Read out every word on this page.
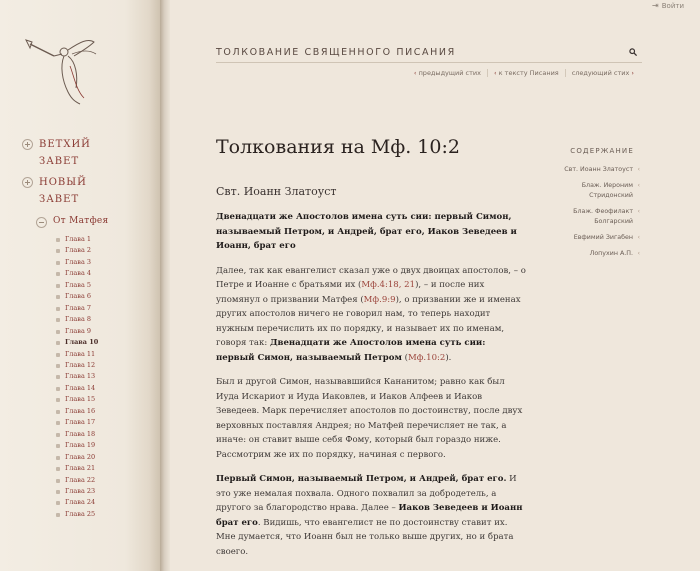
ВЕТХИЙ
ЗАВЕТ
НОВЫЙ
ЗАВЕТ
От Матфея
Глава 1
Глава 2
Глава 3
Глава 4
Глава 5
Глава 6
Глава 7
Глава 8
Глава 9
Глава 10
Глава 11
Глава 12
Глава 13
Глава 14
Глава 15
Глава 16
Глава 17
Глава 18
Глава 19
Глава 20
Глава 21
Глава 22
Глава 23
Глава 24
Глава 25
⇥ Войти
ТОЛКОВАНИЕ СВЯЩЕННОГО ПИСАНИЯ
‹ предыдущий стих	‹ к тексту Писания	следующий стих ›
Толкования на Мф. 10:2
Свт. Иоанн Златоуст

Двенадцати же Апостолов имена суть сии: первый Симон, называемый Петром, и Андрей, брат его, Иаков Зеведеев и Иоанн, брат его

Далее, так как евангелист сказал уже о двух двоицах апостолов, – о Петре и Иоанне с братьями их (Мф.4:18, 21), – и после них упомянул о призвании Матфея (Мф.9:9), о призвании же и именах других апостолов ничего не говорил нам, то теперь находит нужным перечислить их по порядку, и называет их по именам, говоря так: Двенадцати же Апостолов имена суть сии: первый Симон, называемый Петром (Мф.10:2).

Был и другой Симон, называвшийся Кананитом; равно как был Иуда Искариот и Иуда Иаковлев, и Иаков Алфеев и Иаков Зеведеев. Марк перечисляет апостолов по достоинству, после двух верховных поставляя Андрея; но Матфей перечисляет не так, а иначе: он ставит выше себя Фому, который был гораздо ниже. Рассмотрим же их по порядку, начиная с первого.

Первый Симон, называемый Петром, и Андрей, брат его. И это уже немалая похвала. Одного похвалил за добродетель, а другого за благородство нрава. Далее – Иаков Зеведеев и Иоанн брат его. Видишь, что евангелист не по достоинству ставит их. Мне думается, что Иоанн был не только выше других, но и брата своего.

СОДЕРЖАНИЕ
Свт. Иоанн Златоуст ‹
Блаж. Иероним
Стридонский ‹
Блаж. Феофилакт
Болгарский ‹
Евфимий Зигабен ‹
Лопухин А.П. ‹
